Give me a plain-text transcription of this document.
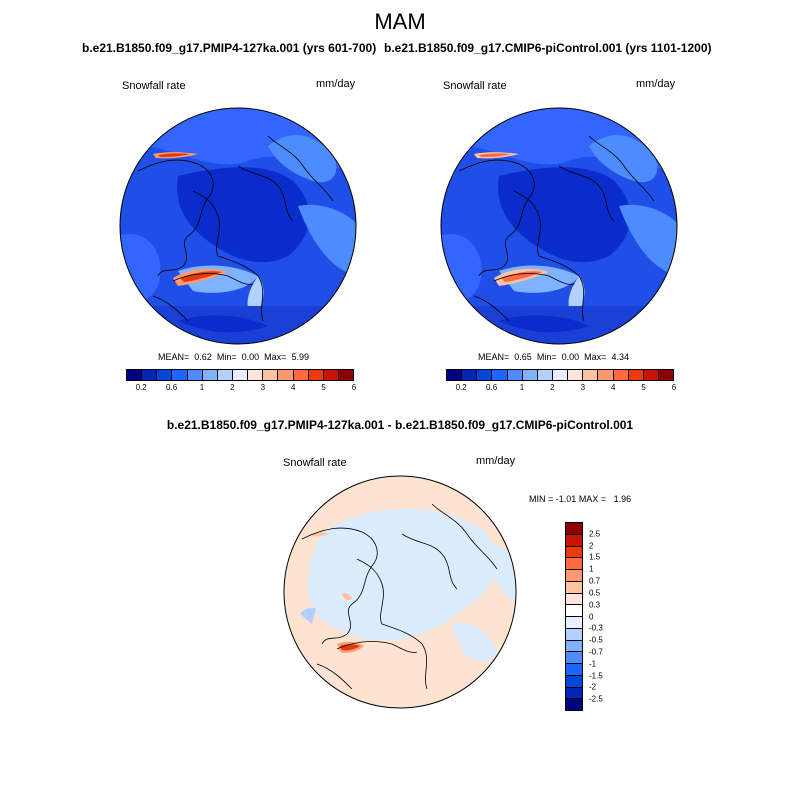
MAM
b.e21.B1850.f09_g17.PMIP4-127ka.001 (yrs 601-700)
Snowfall rate	mm/day
MEAN= 0.62 Min= 0.00 Max= 5.99
0.2 0.6	1	2	3	4	5	6
b.e21.B1850.f09_g17.CMIP6-piControl.001 (yrs 1101-1200)
Snowfall rate	mm/day
MEAN= 0.65 Min= 0.00 Max= 4.34
0.2 0.6	1	2	3	4	5	6
b.e21.B1850.f09_g17.PMIP4-127ka.001 - b.e21.B1850.f09_g17.CMIP6-piControl.001
Snowfall rate	mm/day
MIN = -1.01 MAX = 1.96
2.5
2
1.5
1
0.7
0.5
0.3
0
-0.3
-0.5
-0.7
-1
-1.5
-2
-2.5
